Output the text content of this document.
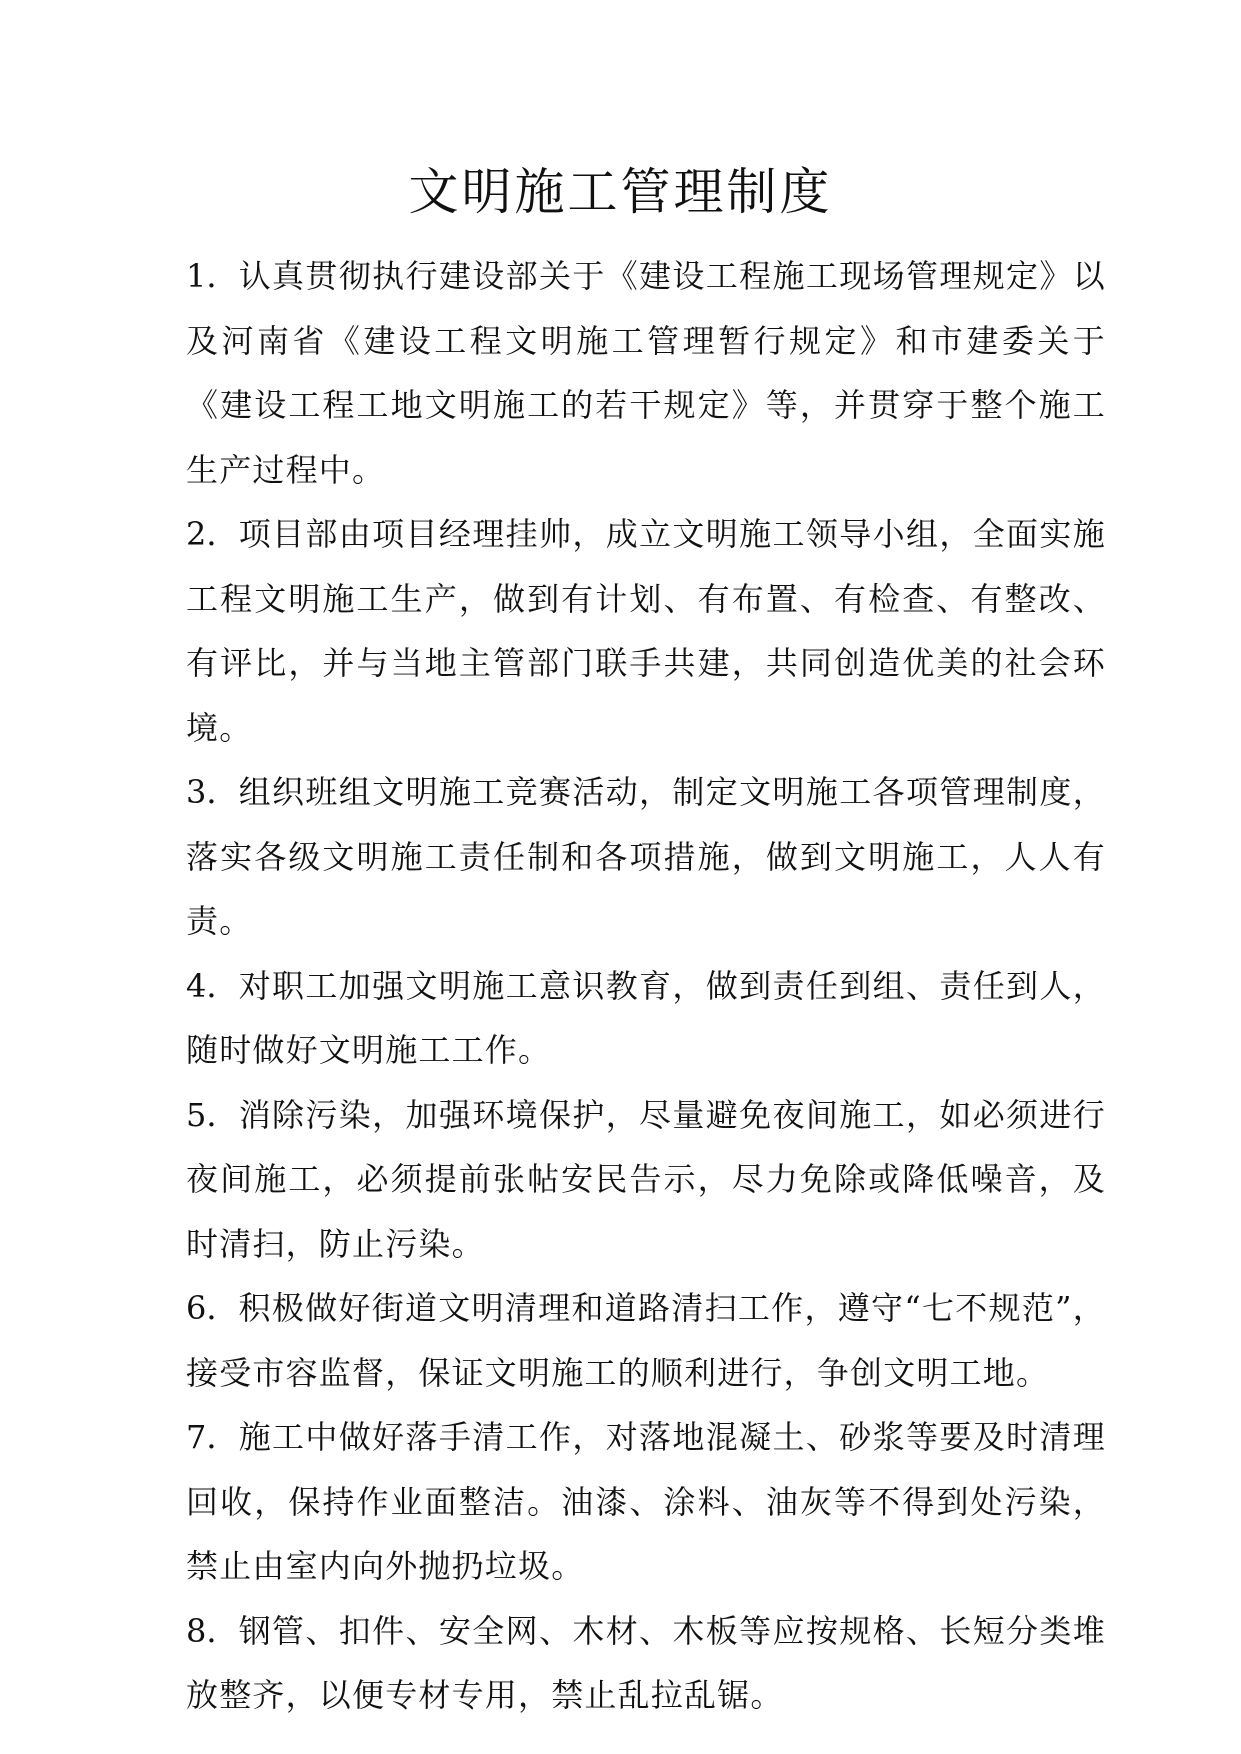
文明施工管理制度

1．认真贯彻执行建设部关于《建设工程施工现场管理规定》以及河南省《建设工程文明施工管理暂行规定》和市建委关于《建设工程工地文明施工的若干规定》等，并贯穿于整个施工生产过程中。

2．项目部由项目经理挂帅，成立文明施工领导小组，全面实施工程文明施工生产，做到有计划、有布置、有检查、有整改、有评比，并与当地主管部门联手共建，共同创造优美的社会环境。

3．组织班组文明施工竞赛活动，制定文明施工各项管理制度，落实各级文明施工责任制和各项措施，做到文明施工，人人有责。

4．对职工加强文明施工意识教育，做到责任到组、责任到人，随时做好文明施工工作。

5．消除污染，加强环境保护，尽量避免夜间施工，如必须进行夜间施工，必须提前张帖安民告示，尽力免除或降低噪音，及时清扫，防止污染。

6．积极做好街道文明清理和道路清扫工作，遵守“七不规范”，接受市容监督，保证文明施工的顺利进行，争创文明工地。

7．施工中做好落手清工作，对落地混凝土、砂浆等要及时清理回收，保持作业面整洁。油漆、涂料、油灰等不得到处污染，禁止由室内向外抛扔垃圾。

8．钢管、扣件、安全网、木材、木板等应按规格、长短分类堆放整齐，以便专材专用，禁止乱拉乱锯。
